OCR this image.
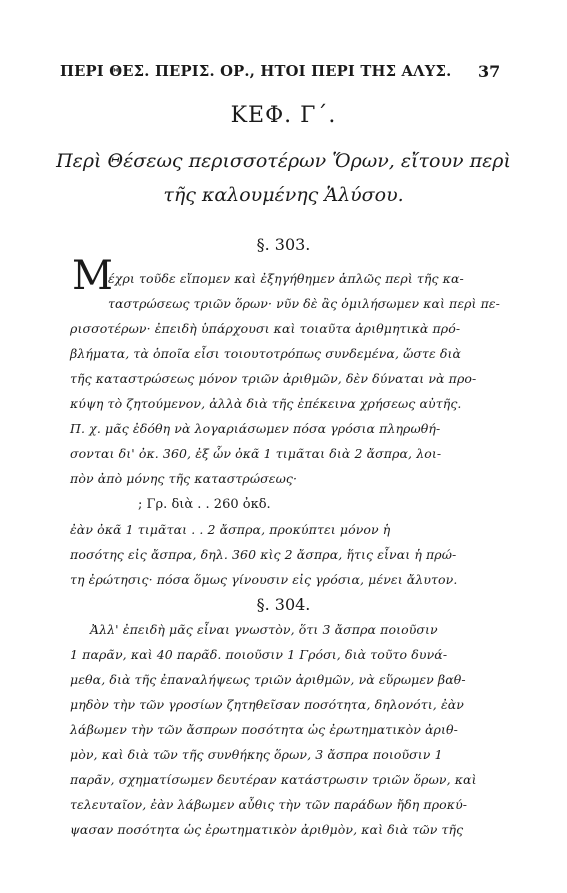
ΠΕΡΙ ΘΕΣ. ΠΕΡΙΣ. ΟΡ., ΗΤΟΙ ΠΕΡΙ ΤΗΣ ΑΛΥΣ.	37
ΚΕΦ. Γ΄.
Περὶ Θέσεως περισσοτέρων Ὅρων, εἴτουν περὶ
τῆς καλουμένης Ἁλύσου.
§. 303.
Μ
έχρι τοῦδε εἴπομεν καὶ ἐξηγήθημεν ἁπλῶς περὶ τῆς κα-
ταστρώσεως τριῶν ὅρων· νῦν δὲ ἂς ὁμιλήσωμεν καὶ περὶ πε-
ρισσοτέρων· ἐπειδὴ ὑπάρχουσι καὶ τοιαῦτα ἀριθμητικὰ πρό-
βλήματα, τὰ ὁποῖα εἶσι τοιουτοτρόπως συνδεμένα, ὥστε διὰ
τῆς καταστρώσεως μόνον τριῶν ἀριθμῶν, δὲν δύναται νὰ προ-
κύψη τὸ ζητούμενον, ἀλλὰ διὰ τῆς ἐπέκεινα χρήσεως αὐτῆς.
Π. χ. μᾶς ἐδόθη νὰ λογαριάσωμεν πόσα γρόσια πληρωθή-
σονται δι' ὀκ. 360, ἐξ ὧν ὀκᾶ 1 τιμᾶται διὰ 2 ἄσπρα, λοι-
πὸν ἀπὸ μόνης τῆς καταστρώσεως·
; Γρ. διὰ . . 260 ὀκδ.
ἐὰν ὀκᾶ 1 τιμᾶται . . 2 ἄσπρα, προκύπτει μόνον ἡ
ποσότης εἰς ἄσπρα, δηλ. 360 κὶς 2 ἄσπρα, ἥτις εἶναι ἡ πρώ-
τη ἐρώτησις· πόσα ὅμως γίνουσιν εἰς γρόσια, μένει ἄλυτον.
§. 304.
Ἀλλ' ἐπειδὴ μᾶς εἶναι γνωστὸν, ὅτι 3 ἄσπρα ποιοῦσιν
1 παρᾶν, καὶ 40 παρᾶδ. ποιοῦσιν 1 Γρόσι, διὰ τοῦτο δυνά-
μεθα, διὰ τῆς ἐπαναλήψεως τριῶν ἀριθμῶν, νὰ εὕρωμεν βαθ-
μηδὸν τὴν τῶν γροσίων ζητηθεῖσαν ποσότητα, δηλονότι, ἐὰν
λάβωμεν τὴν τῶν ἄσπρων ποσότητα ὡς ἐρωτηματικὸν ἀριθ-
μὸν, καὶ διὰ τῶν τῆς συνθήκης ὅρων, 3 ἄσπρα ποιοῦσιν 1
παρᾶν, σχηματίσωμεν δευτέραν κατάστρωσιν τριῶν ὅρων, καὶ
τελευταῖον, ἐὰν λάβωμεν αὖθις τὴν τῶν παράδων ἤδη προκύ-
ψασαν ποσότητα ὡς ἐρωτηματικὸν ἀριθμὸν, καὶ διὰ τῶν τῆς
